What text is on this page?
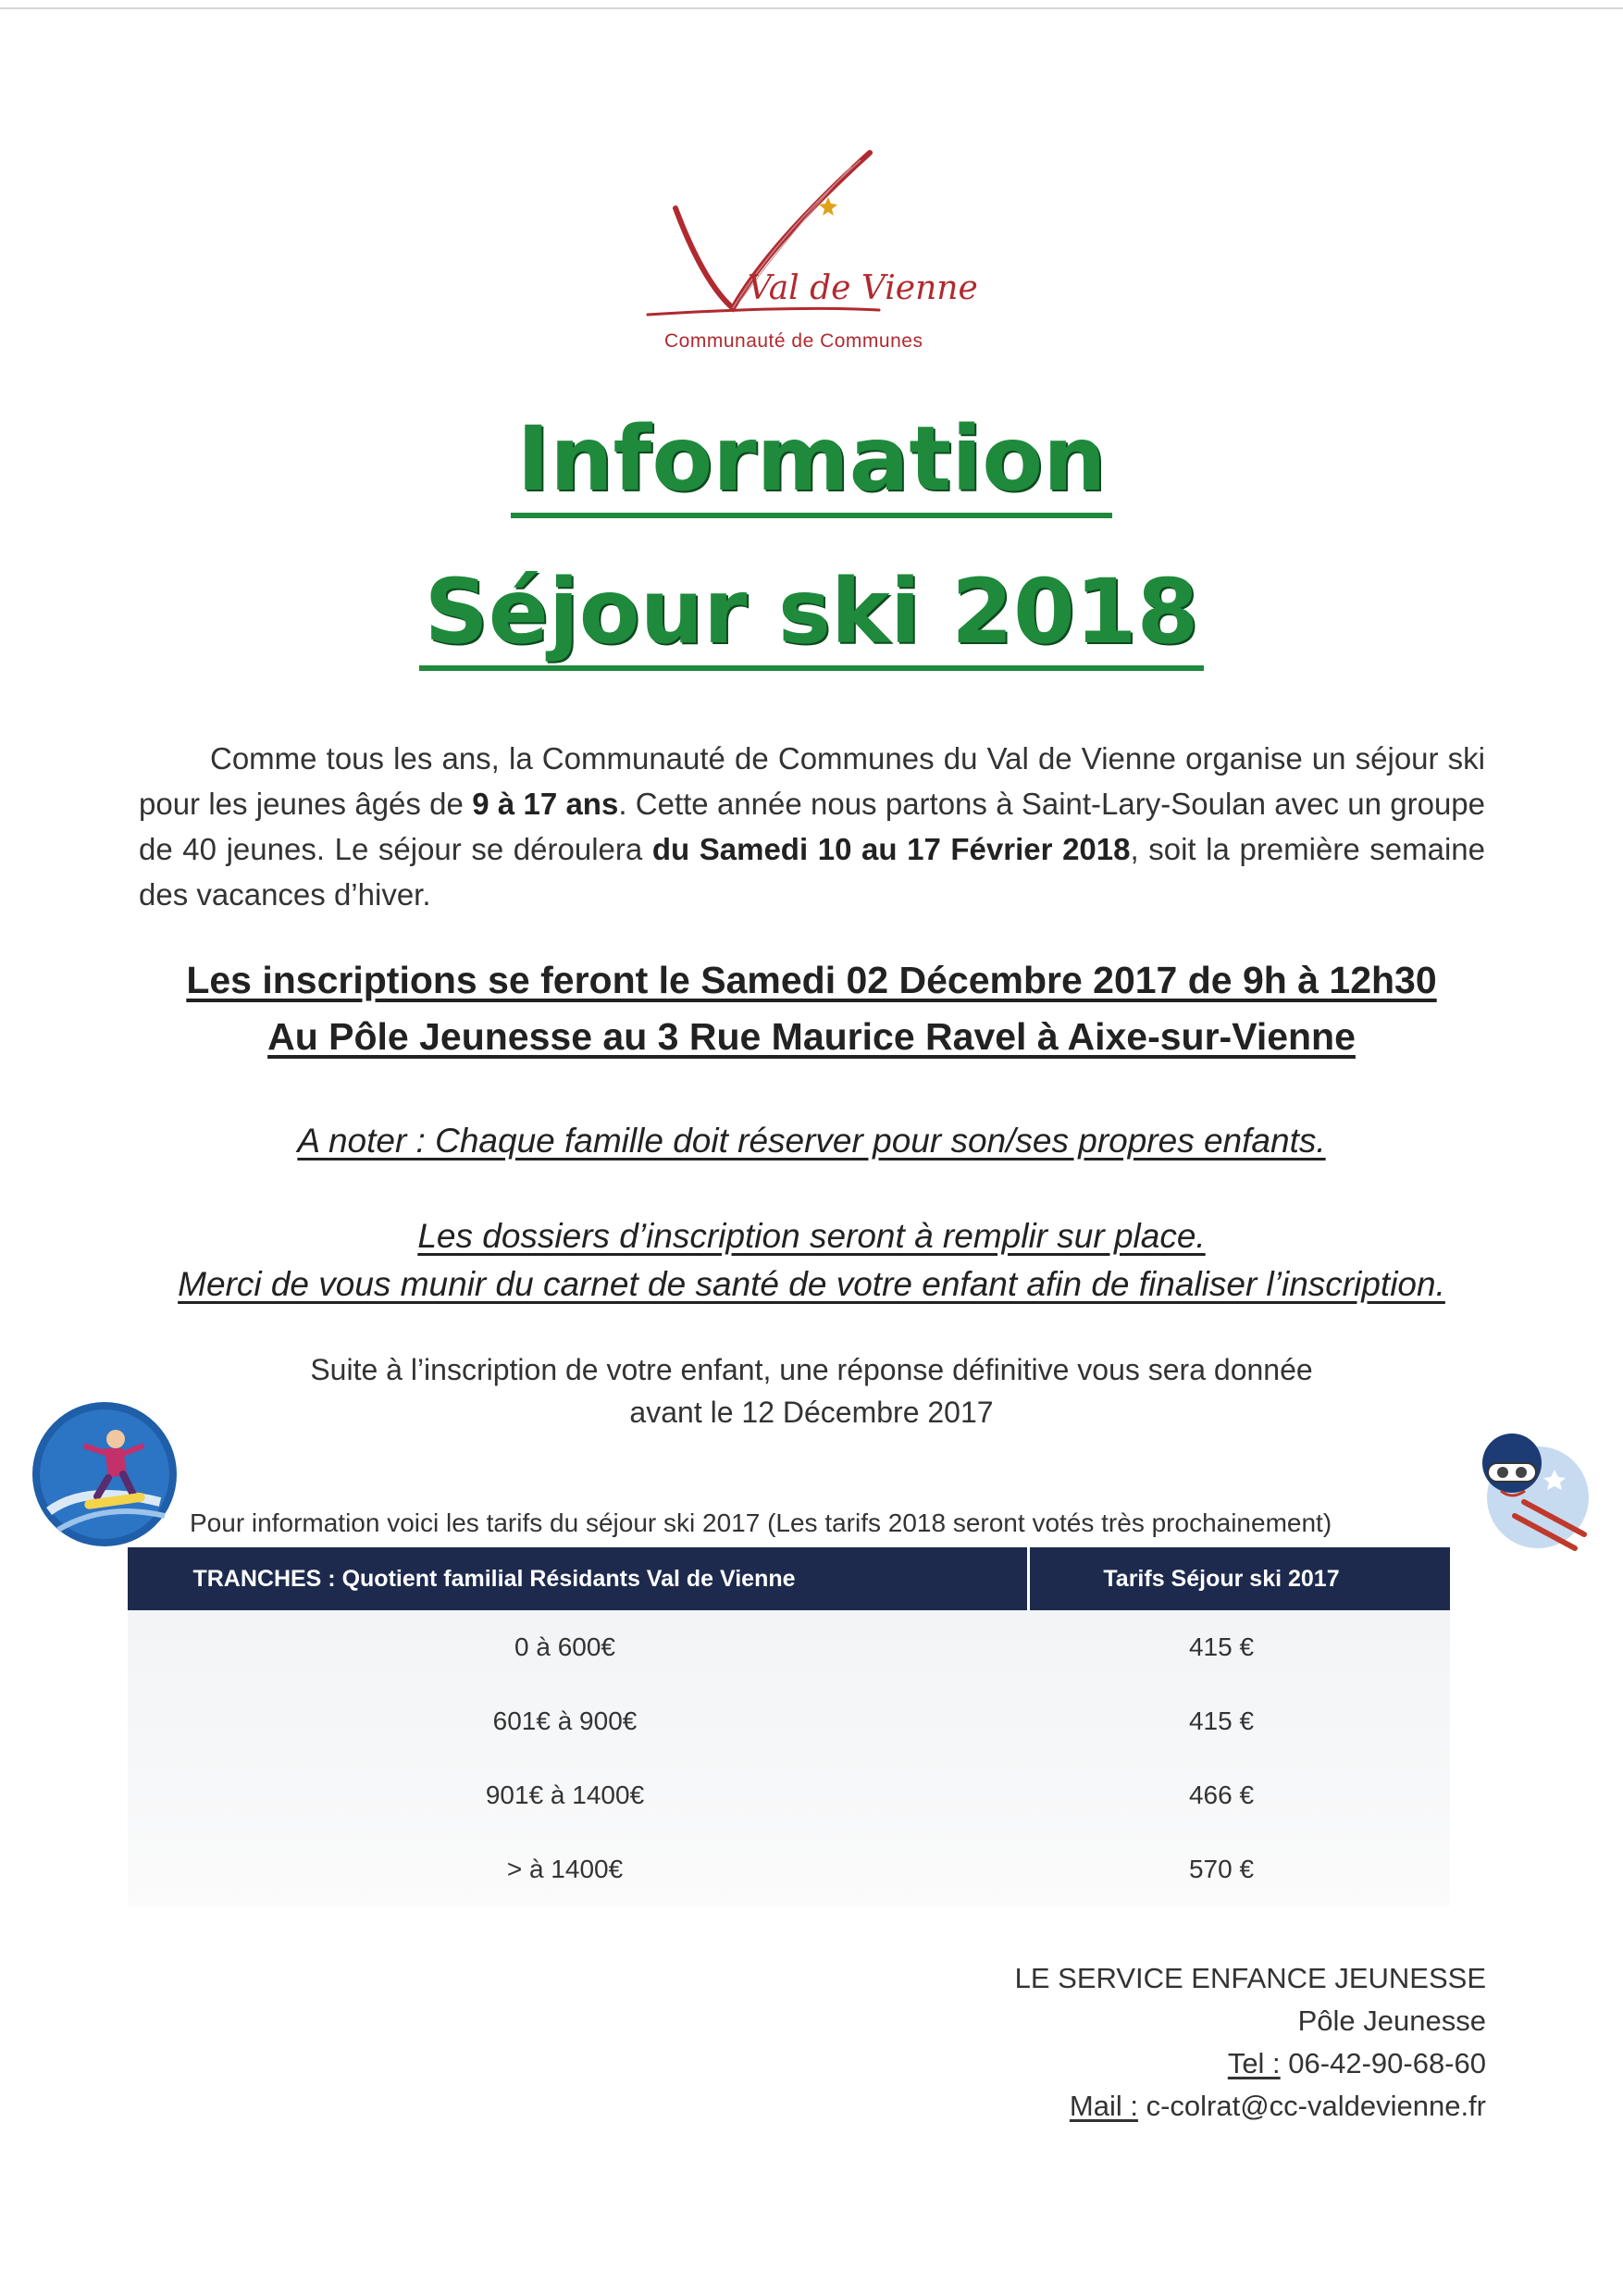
Val de Vienne
Communauté de Communes
Information
Séjour ski 2018
Comme tous les ans, la Communauté de Communes du Val de Vienne organise un séjour ski pour les jeunes âgés de 9 à 17 ans. Cette année nous partons à Saint-Lary-Soulan avec un groupe de 40 jeunes. Le séjour se déroulera du Samedi 10 au 17 Février 2018, soit la première semaine des vacances d’hiver.
Les inscriptions se feront le Samedi 02 Décembre 2017 de 9h à 12h30
Au Pôle Jeunesse au 3 Rue Maurice Ravel à Aixe-sur-Vienne
A noter : Chaque famille doit réserver pour son/ses propres enfants.
Les dossiers d’inscription seront à remplir sur place.
Merci de vous munir du carnet de santé de votre enfant afin de finaliser l’inscription.
Suite à l’inscription de votre enfant, une réponse définitive vous sera donnée
avant le 12 Décembre 2017
Pour information voici les tarifs du séjour ski 2017 (Les tarifs 2018 seront votés très prochainement)
TRANCHES : Quotient familial Résidants Val de Vienne	Tarifs Séjour ski 2017
0 à 600€	415 €
601€ à 900€	415 €
901€ à 1400€	466 €
> à 1400€	570 €
LE SERVICE ENFANCE JEUNESSE
Pôle Jeunesse
Tel : 06-42-90-68-60
Mail : c-colrat@cc-valdevienne.fr
